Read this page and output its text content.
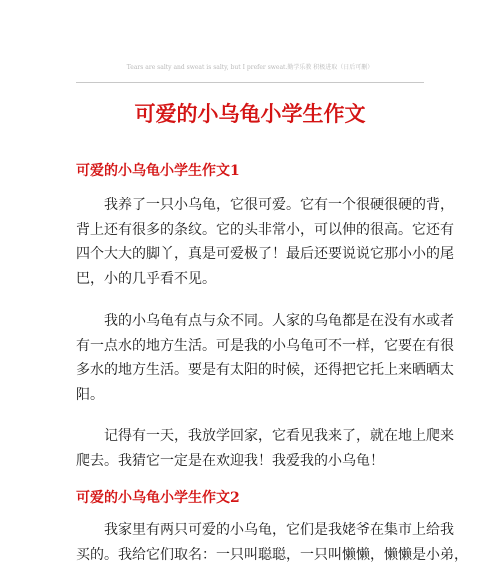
Tears are salty and sweat is salty, but I prefer sweat.勤学乐教 积极进取（日后可删）
可爱的小乌龟小学生作文
可爱的小乌龟小学生作文1

我养了一只小乌龟，它很可爱。它有一个很硬很硬的背，
背上还有很多的条纹。它的头非常小，可以伸的很高。它还有
四个大大的脚丫，真是可爱极了！最后还要说说它那小小的尾
巴，小的几乎看不见。

我的小乌龟有点与众不同。人家的乌龟都是在没有水或者
有一点水的地方生活。可是我的小乌龟可不一样，它要在有很
多水的地方生活。要是有太阳的时候，还得把它托上来晒晒太
阳。

记得有一天，我放学回家，它看见我来了，就在地上爬来
爬去。我猜它一定是在欢迎我！我爱我的小乌龟！

可爱的小乌龟小学生作文2

我家里有两只可爱的小乌龟，它们是我姥爷在集市上给我
买的。我给它们取名：一只叫聪聪，一只叫懒懒，懒懒是小弟，
